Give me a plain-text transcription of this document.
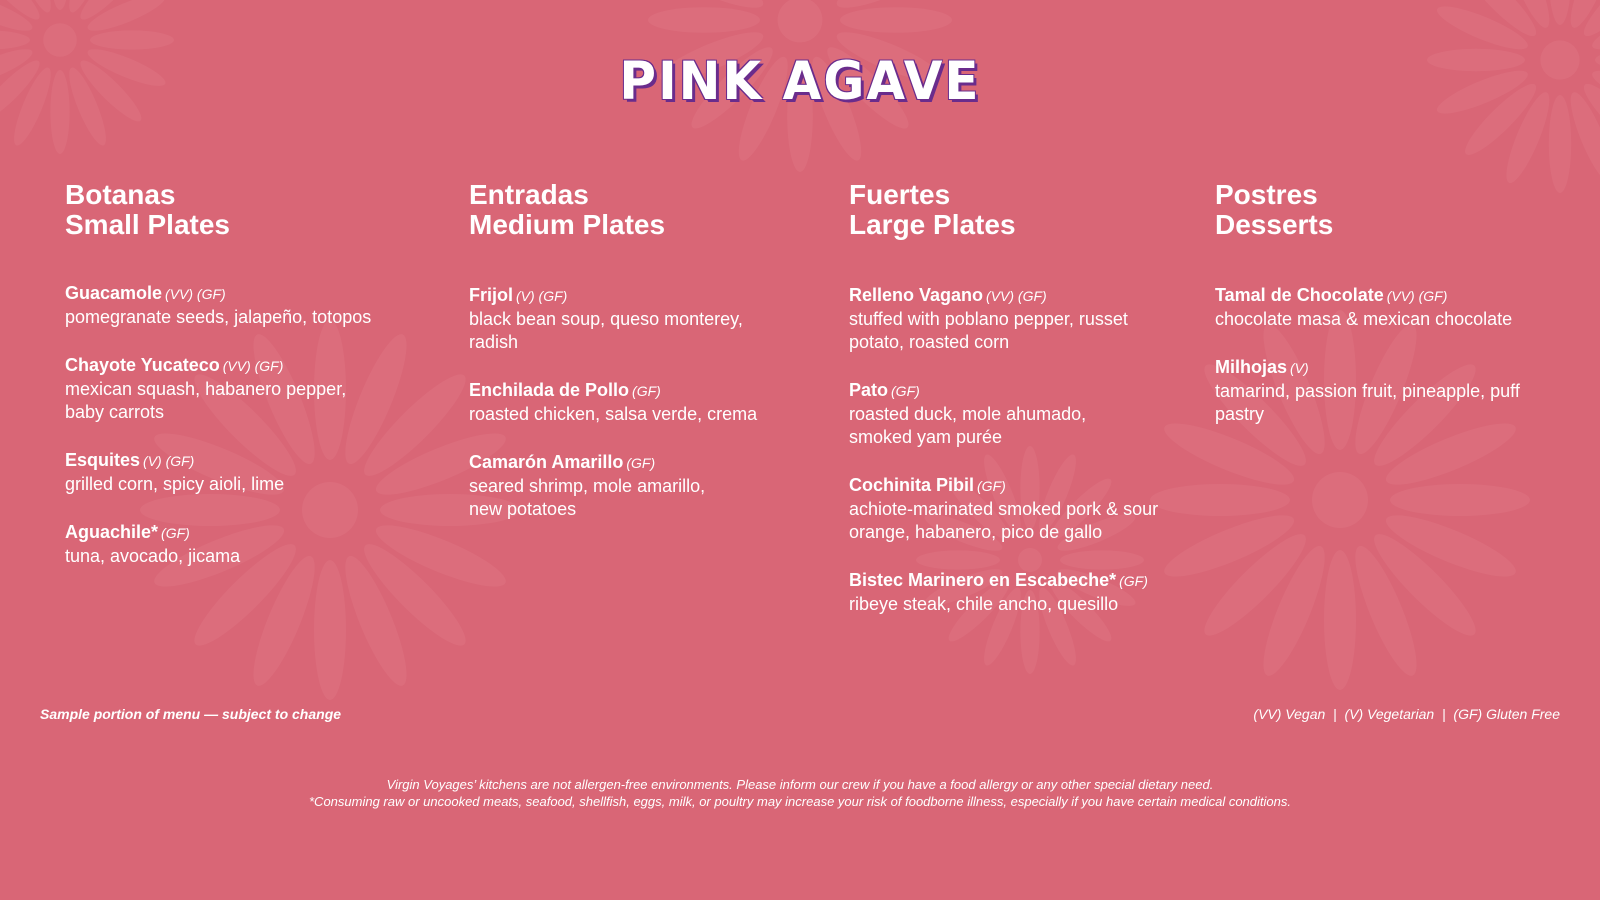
PINK AGAVE
Botanas
Small Plates
Guacamole (VV) (GF)
pomegranate seeds, jalapeño, totopos
Chayote Yucateco (VV) (GF)
mexican squash, habanero pepper, baby carrots
Esquites (V) (GF)
grilled corn, spicy aioli, lime
Aguachile* (GF)
tuna, avocado, jicama
Entradas
Medium Plates
Frijol (V) (GF)
black bean soup, queso monterey, radish
Enchilada de Pollo (GF)
roasted chicken, salsa verde, crema
Camarón Amarillo (GF)
seared shrimp, mole amarillo, new potatoes
Fuertes
Large Plates
Relleno Vagano (VV) (GF)
stuffed with poblano pepper, russet potato, roasted corn
Pato (GF)
roasted duck, mole ahumado, smoked yam purée
Cochinita Pibil (GF)
achiote-marinated smoked pork & sour orange, habanero, pico de gallo
Bistec Marinero en Escabeche* (GF)
ribeye steak, chile ancho, quesillo
Postres
Desserts
Tamal de Chocolate (VV) (GF)
chocolate masa & mexican chocolate
Milhojas (V)
tamarind, passion fruit, pineapple, puff pastry
Sample portion of menu — subject to change	(VV) Vegan  |  (V) Vegetarian  |  (GF) Gluten Free
Virgin Voyages’ kitchens are not allergen-free environments. Please inform our crew if you have a food allergy or any other special dietary need.
*Consuming raw or uncooked meats, seafood, shellfish, eggs, milk, or poultry may increase your risk of foodborne illness, especially if you have certain medical conditions.
